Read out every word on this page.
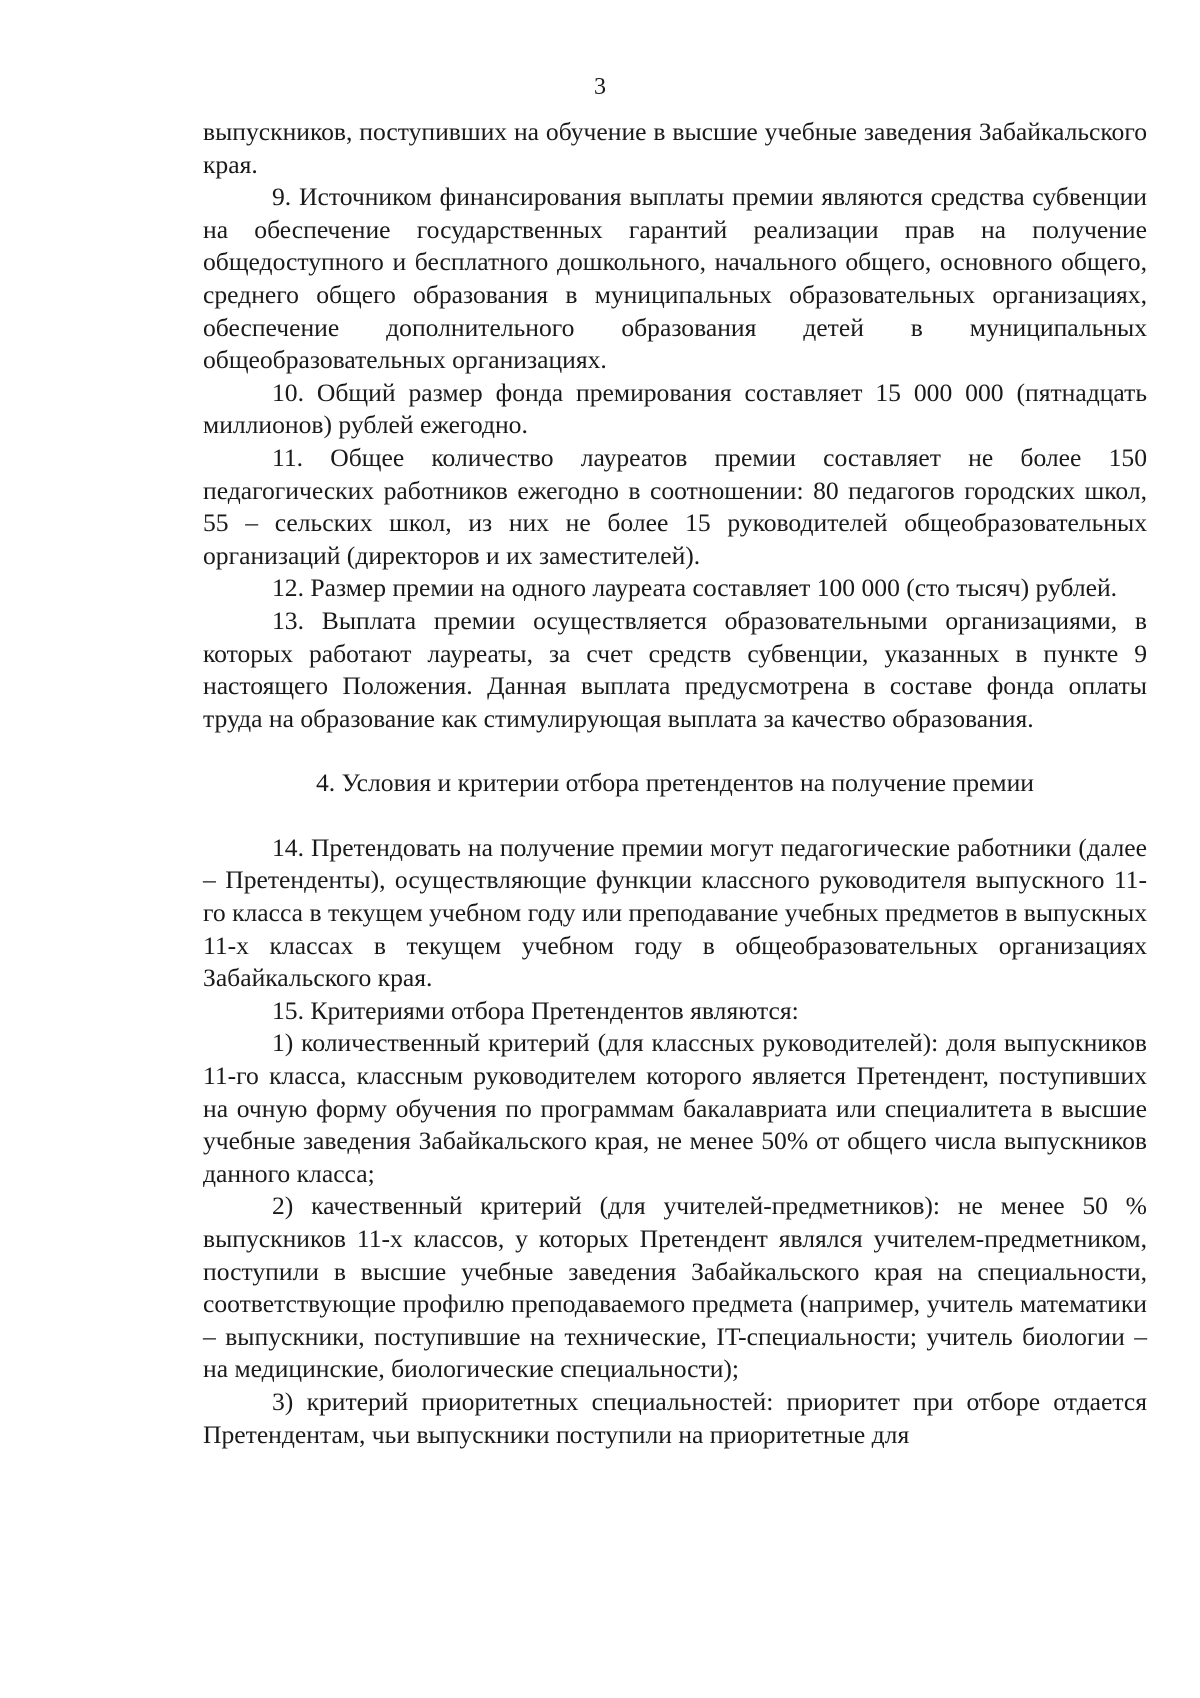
3

выпускников, поступивших на обучение в высшие учебные заведения Забайкальского края.

9. Источником финансирования выплаты премии являются средства субвенции на обеспечение государственных гарантий реализации прав на получение общедоступного и бесплатного дошкольного, начального общего, основного общего, среднего общего образования в муниципальных образовательных организациях, обеспечение дополнительного образования детей в муниципальных общеобразовательных организациях.

10. Общий размер фонда премирования составляет 15 000 000 (пятнадцать миллионов) рублей ежегодно.

11. Общее количество лауреатов премии составляет не более 150 педагогических работников ежегодно в соотношении: 80 педагогов городских школ, 55 – сельских школ, из них не более 15 руководителей общеобразовательных организаций (директоров и их заместителей).

12. Размер премии на одного лауреата составляет 100 000 (сто тысяч) рублей.

13. Выплата премии осуществляется образовательными организациями, в которых работают лауреаты, за счет средств субвенции, указанных в пункте 9 настоящего Положения. Данная выплата предусмотрена в составе фонда оплаты труда на образование как стимулирующая выплата за качество образования.

4. Условия и критерии отбора претендентов на получение премии

14. Претендовать на получение премии могут педагогические работники (далее – Претенденты), осуществляющие функции классного руководителя выпускного 11-го класса в текущем учебном году или преподавание учебных предметов в выпускных 11-х классах в текущем учебном году в общеобразовательных организациях Забайкальского края.

15. Критериями отбора Претендентов являются:

1) количественный критерий (для классных руководителей): доля выпускников 11-го класса, классным руководителем которого является Претендент, поступивших на очную форму обучения по программам бакалавриата или специалитета в высшие учебные заведения Забайкальского края, не менее 50% от общего числа выпускников данного класса;

2) качественный критерий (для учителей-предметников): не менее 50 % выпускников 11-х классов, у которых Претендент являлся учителем-предметником, поступили в высшие учебные заведения Забайкальского края на специальности, соответствующие профилю преподаваемого предмета (например, учитель математики – выпускники, поступившие на технические, IT-специальности; учитель биологии – на медицинские, биологические специальности);

3) критерий приоритетных специальностей: приоритет при отборе отдается Претендентам, чьи выпускники поступили на приоритетные для
